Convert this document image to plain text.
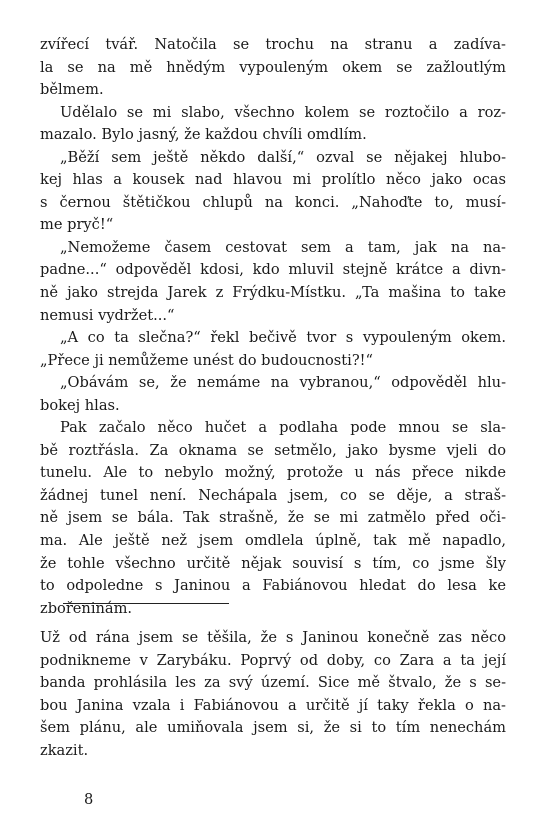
zvířecí tvář. Natočila se trochu na stranu a zadíva-
la se na mě hnědým vypouleným okem se zažloutlým
bělmem.

Udělalo se mi slabo, všechno kolem se roztočilo a roz-
mazalo. Bylo jasný, že každou chvíli omdlím.

„Běží sem ještě někdo další,“ ozval se nějakej hlubo-
kej hlas a kousek nad hlavou mi prolítlo něco jako ocas
s černou štětičkou chlupů na konci. „Nahoďte to, musí-
me pryč!“

„Nemožeme časem cestovat sem a tam, jak na na-
padne...“ odpověděl kdosi, kdo mluvil stejně krátce a divn-
ně jako strejda Jarek z Frýdku-Místku. „Ta mašina to take
nemusi vydržet...“

„A co ta slečna?“ řekl bečivě tvor s vypouleným okem.
„Přece ji nemůžeme unést do budoucnosti?!“

„Obávám se, že nemáme na vybranou,“ odpověděl hlu-
bokej hlas.

Pak začalo něco hučet a podlaha pode mnou se sla-
bě roztřásla. Za oknama se setmělo, jako bysme vjeli do
tunelu. Ale to nebylo možný, protože u nás přece nikde
žádnej tunel není. Nechápala jsem, co se děje, a straš-
ně jsem se bála. Tak strašně, že se mi zatmělo před oči-
ma. Ale ještě než jsem omdlela úplně, tak mě napadlo,
že tohle všechno určitě nějak souvisí s tím, co jsme šly
to odpoledne s Janinou a Fabiánovou hledat do lesa ke
zbořeninám.

Už od rána jsem se těšila, že s Janinou konečně zas něco
podnikneme v Zarybáku. Poprvý od doby, co Zara a ta její
banda prohlásila les za svý území. Sice mě štvalo, že s se-
bou Janina vzala i Fabiánovou a určitě jí taky řekla o na-
šem plánu, ale umiňovala jsem si, že si to tím nenechám
zkazit.

8
